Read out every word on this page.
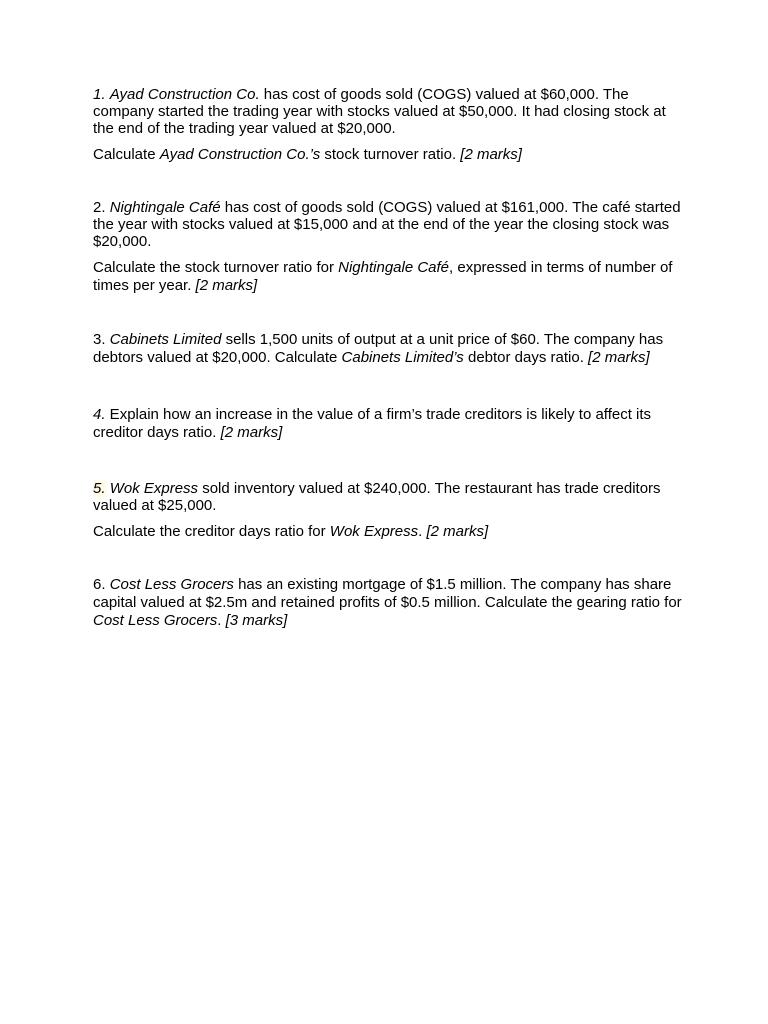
1. Ayad Construction Co. has cost of goods sold (COGS) valued at $60,000. The company started the trading year with stocks valued at $50,000. It had closing stock at the end of the trading year valued at $20,000.

Calculate Ayad Construction Co.’s stock turnover ratio. [2 marks]

2. Nightingale Café has cost of goods sold (COGS) valued at $161,000. The café started the year with stocks valued at $15,000 and at the end of the year the closing stock was $20,000.

Calculate the stock turnover ratio for Nightingale Café, expressed in terms of number of times per year. [2 marks]

3. Cabinets Limited sells 1,500 units of output at a unit price of $60. The company has debtors valued at $20,000. Calculate Cabinets Limited’s debtor days ratio. [2 marks]

4. Explain how an increase in the value of a firm’s trade creditors is likely to affect its creditor days ratio. [2 marks]

5. Wok Express sold inventory valued at $240,000. The restaurant has trade creditors valued at $25,000.

Calculate the creditor days ratio for Wok Express. [2 marks]

6. Cost Less Grocers has an existing mortgage of $1.5 million. The company has share capital valued at $2.5m and retained profits of $0.5 million. Calculate the gearing ratio for Cost Less Grocers. [3 marks]
